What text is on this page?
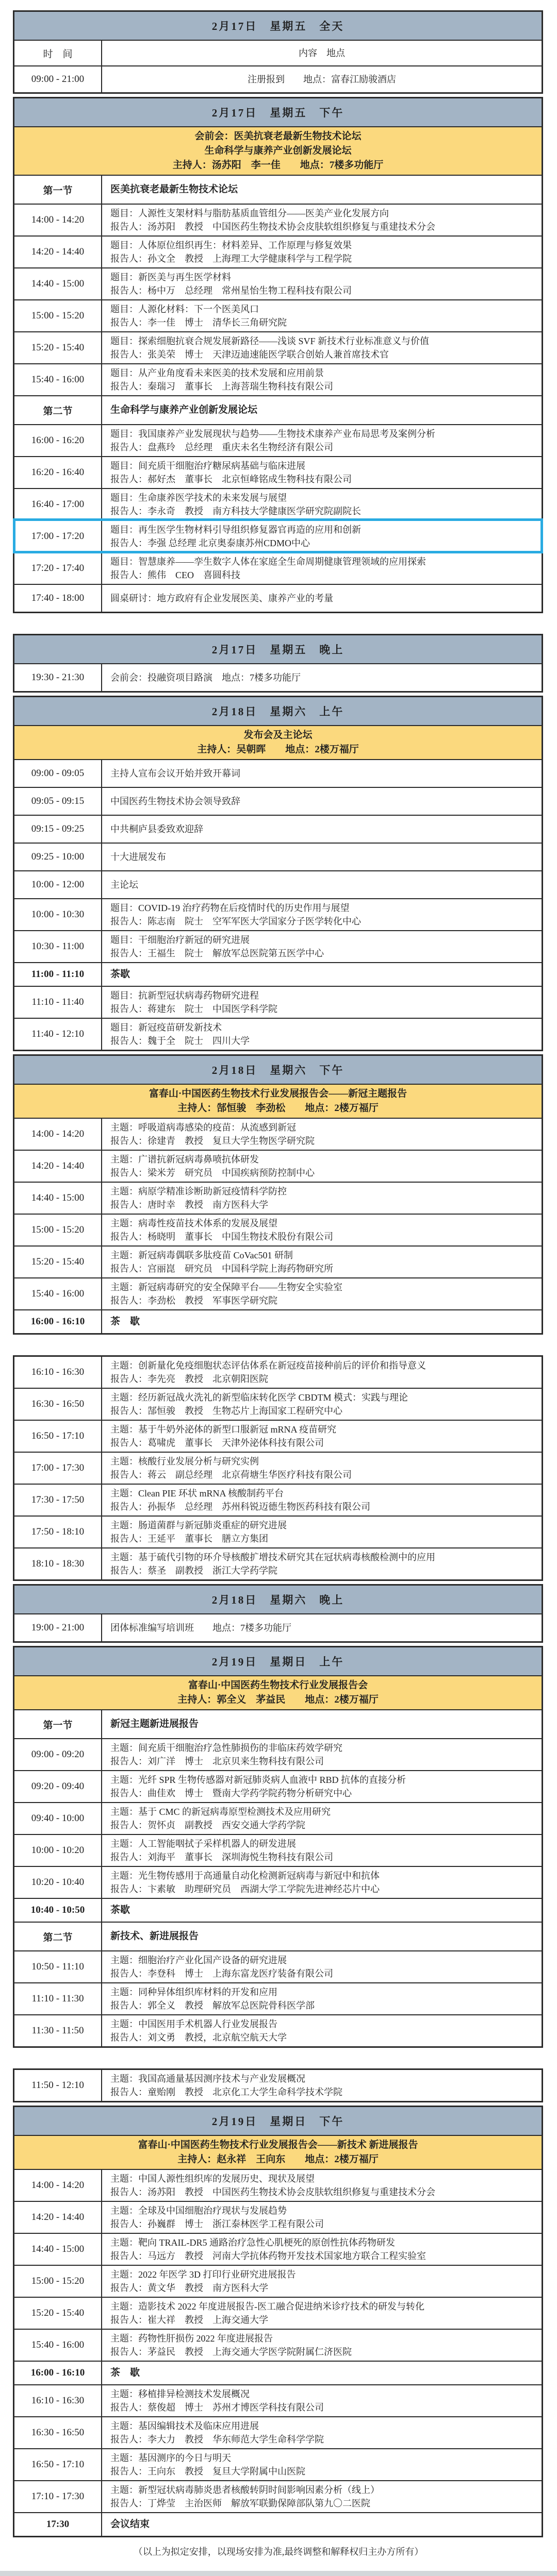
2月17日　星期五　全天
时　间	内容　地点
09:00 - 21:00	注册报到　　地点：富春江励骏酒店
2月17日　星期五　下午
会前会：医美抗衰老最新生物技术论坛
生命科学与康养产业创新发展论坛
主持人：汤苏阳　李一佳　　地点：7楼多功能厅
第一节	医美抗衰老最新生物技术论坛
14:00 - 14:20
题目：人源性支架材料与脂肪基质血管组分——医美产业化发展方向
报告人：汤苏阳　教授　中国医药生物技术协会皮肤软组织修复与重建技术分会
14:20 - 14:40
题目：人体原位组织再生：材料差异、工作原理与修复效果
报告人：孙文全　教授　上海理工大学健康科学与工程学院
14:40 - 15:00
题目：新医美与再生医学材料
报告人：杨中万　总经理　常州星怡生物工程科技有限公司
15:00 - 15:20
题目：人源化材料：下一个医美风口
报告人：李一佳　博士　清华长三角研究院
15:20 - 15:40
题目：探索细胞抗衰合规发展新路径——浅谈 SVF 新技术行业标准意义与价值
报告人：张美荣　博士　天津迈迪速能医学联合创始人兼首席技术官
15:40 - 16:00
题目：从产业角度看未来医美的技术发展和应用前景
报告人：秦瑞习　董事长　上海菩瑞生物科技有限公司
第二节	生命科学与康养产业创新发展论坛
16:00 - 16:20
题目：我国康养产业发展现状与趋势——生物技术康养产业布局思考及案例分析
报告人：盘燕玲　总经理　重庆未名生物经济有限公司
16:20 - 16:40
题目：间充质干细胞治疗糖尿病基础与临床进展
报告人：郝好杰　董事长　北京恒峰铭成生物科技有限公司
16:40 - 17:00
题目：生命康养医学技术的未来发展与展望
报告人：李永奇　教授　南方科技大学健康医学研究院副院长
17:00 - 17:20
题目：再生医学生物材料引导组织修复器官再造的应用和创新
报告人：李强 总经理 北京奥泰康苏州CDMO中心
17:20 - 17:40
题目：智慧康养——孪生数字人体在家庭全生命周期健康管理领域的应用探索
报告人：熊伟　CEO　喜圆科技
17:40 - 18:00	圆桌研讨：地方政府有企业发展医美、康养产业的考量
2月17日　星期五　晚上
19:30 - 21:30	会前会：投融资项目路演　地点：7楼多功能厅
2月18日　星期六　上午
发布会及主论坛
主持人：吴朝晖　　地点：2楼万福厅
09:00 - 09:05	主持人宣布会议开始并致开幕词
09:05 - 09:15	中国医药生物技术协会领导致辞
09:15 - 09:25	中共桐庐县委致欢迎辞
09:25 - 10:00	十大进展发布
10:00 - 12:00	主论坛
10:00 - 10:30
题目：COVID-19 治疗药物在后疫情时代的历史作用与展望
报告人：陈志南　院士　空军军医大学国家分子医学转化中心
10:30 - 11:00
题目：干细胞治疗新冠的研究进展
报告人：王福生　院士　解放军总医院第五医学中心
11:00 - 11:10	茶歇
11:10 - 11:40
题目：抗新型冠状病毒药物研究进程
报告人：蒋建东　院士　中国医学科学院
11:40 - 12:10
题目：新冠疫苗研发新技术
报告人：魏于全　院士　四川大学
2月18日　星期六　下午
富春山·中国医药生物技术行业发展报告会——新冠主题报告
主持人：郜恒骏　李劲松　　地点：2楼万福厅
14:00 - 14:20
主题：呼吸道病毒感染的疫苗：从流感到新冠
报告人：徐建青　教授　复旦大学生物医学研究院
14:20 - 14:40
主题：广谱抗新冠病毒鼻喷抗体研发
报告人：梁米芳　研究员　中国疾病预防控制中心
14:40 - 15:00
主题：病原学精准诊断助新冠疫情科学防控
报告人：唐时幸　教授　南方医科大学
15:00 - 15:20
主题：病毒性疫苗技术体系的发展及展望
报告人：杨晓明　董事长　中国生物技术股份有限公司
15:20 - 15:40
主题：新冠病毒偶联多肽疫苗 CoVac501 研制
报告人：宫丽崑　研究员　中国科学院上海药物研究所
15:40 - 16:00
主题：新冠病毒研究的安全保障平台——生物安全实验室
报告人：李劲松　教授　军事医学研究院
16:00 - 16:10	茶　歇
16:10 - 16:30
主题：创新量化免疫细胞状态评估体系在新冠疫苗接种前后的评价和指导意义
报告人：李先亮　教授　北京朝阳医院
16:30 - 16:50
主题：经历新冠战火洗礼的新型临床转化医学 CBDTM 模式：实践与理论
报告人：郜恒骏　教授　生物芯片上海国家工程研究中心
16:50 - 17:10
主题：基于牛奶外泌体的新型口服新冠 mRNA 疫苗研究
报告人：葛啸虎　董事长　天津外泌体科技有限公司
17:00 - 17:30
主题：核酸行业发展分析与研究实例
报告人：蒋云　副总经理　北京荷塘生华医疗科技有限公司
17:30 - 17:50
主题：Clean PIE 环状 mRNA 核酸制药平台
报告人：孙振华　总经理　苏州科锐迈德生物医药科技有限公司
17:50 - 18:10
主题：肠道菌群与新冠肺炎重症的研究进展
报告人：王延平　董事长　膳立方集团
18:10 - 18:30
主题：基于硫代引物的环介导核酸扩增技术研究其在冠状病毒核酸检测中的应用
报告人：蔡圣　副教授　浙江大学药学院
2月18日　星期六　晚上
19:00 - 21:00	团体标准编写培训班　　地点：7楼多功能厅
2月19日　星期日　上午
富春山·中国医药生物技术行业发展报告会
主持人：郭全义　茅益民　　地点：2楼万福厅
第一节	新冠主题新进展报告
09:00 - 09:20
主题：间充质干细胞治疗急性肺损伤的非临床药效学研究
报告人：刘广洋　博士　北京贝来生物科技有限公司
09:20 - 09:40
主题：光纤 SPR 生物传感器对新冠肺炎病人血液中 RBD 抗体的直接分析
报告人：曲佳欢　博士　暨南大学药学院药物分析研究中心
09:40 - 10:00
主题：基于 CMC 的新冠病毒原型检测技术及应用研究
报告人：贺怀贞　副教授　西安交通大学药学院
10:00 - 10:20
主题：人工智能咽拭子采样机器人的研发进展
报告人：刘海平　董事长　深圳海悦生物科技有限公司
10:20 - 10:40
主题：光生物传感用于高通量自动化检测新冠病毒与新冠中和抗体
报告人：卞素敏　助理研究员　西湖大学工学院先进神经芯片中心
10:40 - 10:50	茶歇
第二节	新技术、新进展报告
10:50 - 11:10
主题：细胞治疗产业化国产设备的研究进展
报告人：李登科　博士　上海东富龙医疗装备有限公司
11:10 - 11:30
主题：同种异体组织库材料的开发和应用
报告人：郭全义　教授　解放军总医院骨科医学部
11:30 - 11:50
主题：中国医用手术机器人行业发展报告
报告人：刘文勇　教授，北京航空航天大学
11:50 - 12:10
主题：我国高通量基因测序技术与产业发展概况
报告人：童贻刚　教授　北京化工大学生命科学技术学院
2月19日　星期日　下午
富春山·中国医药生物技术行业发展报告会——新技术 新进展报告
主持人：赵永祥　王向东　　地点：2楼万福厅
14:00 - 14:20
主题：中国人源性组织库的发展历史、现状及展望
报告人：汤苏阳　教授　中国医药生物技术协会皮肤软组织修复与重建技术分会
14:20 - 14:40
主题：全球及中国细胞治疗现状与发展趋势
报告人：孙巍群　博士　浙江泰林医学工程有限公司
14:40 - 15:00
主题：靶向 TRAIL-DR5 通路治疗急性心肌梗死的原创性抗体药物研发
报告人：马远方　教授　河南大学抗体药物开发技术国家地方联合工程实验室
15:00 - 15:20
主题：2022 年医学 3D 打印行业研究进展报告
报告人：黄文华　教授　南方医科大学
15:20 - 15:40
主题：造影技术 2022 年度进展报告-医工融合促进纳米诊疗技术的研发与转化
报告人：崔大祥　教授　上海交通大学
15:40 - 16:00
主题：药物性肝损伤 2022 年度进展报告
报告人：茅益民　教授　上海交通大学医学院附属仁济医院
16:00 - 16:10	茶　歇
16:10 - 16:30
主题：移植排异检测技术发展概况
报告人：蔡俊超　博士　苏州才博医学科技有限公司
16:30 - 16:50
主题：基因编辑技术及临床应用进展
报告人：李大力　教授　华东师范大学生命科学学院
16:50 - 17:10
主题：基因测序的今日与明天
报告人：王向东　教授　复旦大学附属中山医院
17:10 - 17:30
主题：新型冠状病毒肺炎患者核酸转阴时间影响因素分析（线上）
报告人：丁烨莹　主治医师　解放军联勤保障部队第九〇二医院
17:30	会议结束
（以上为拟定安排，以现场安排为准,最终调整和解释权归主办方所有）
